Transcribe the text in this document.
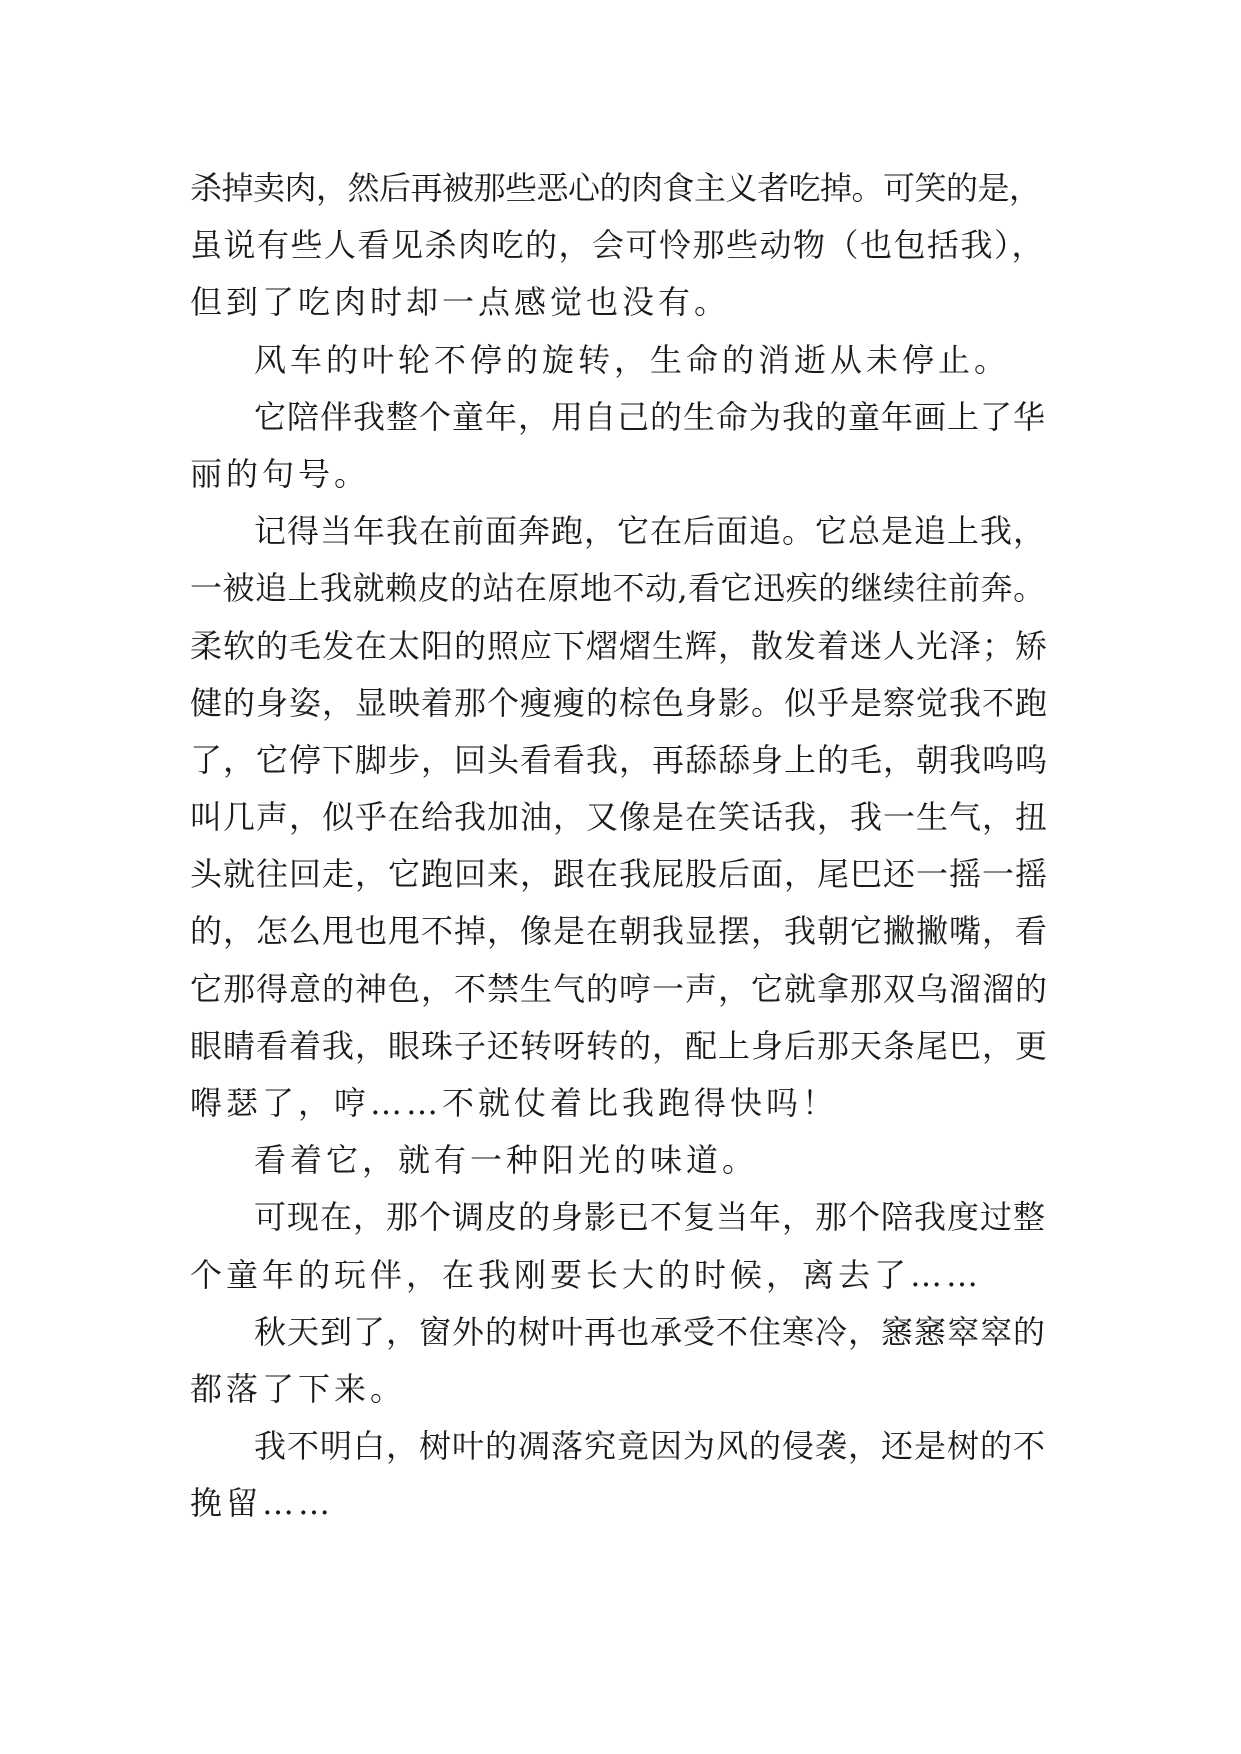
杀掉卖肉，然后再被那些恶心的肉食主义者吃掉。可笑的是，
虽说有些人看见杀肉吃的，会可怜那些动物（也包括我），
但到了吃肉时却一点感觉也没有。
风车的叶轮不停的旋转，生命的消逝从未停止。
它陪伴我整个童年，用自己的生命为我的童年画上了华
丽的句号。
记得当年我在前面奔跑，它在后面追。它总是追上我，
一被追上我就赖皮的站在原地不动,看它迅疾的继续往前奔。
柔软的毛发在太阳的照应下熠熠生辉，散发着迷人光泽；矫
健的身姿，显映着那个瘦瘦的棕色身影。似乎是察觉我不跑
了，它停下脚步，回头看看我，再舔舔身上的毛，朝我呜呜
叫几声，似乎在给我加油，又像是在笑话我，我一生气，扭
头就往回走，它跑回来，跟在我屁股后面，尾巴还一摇一摇
的，怎么甩也甩不掉，像是在朝我显摆，我朝它撇撇嘴，看
它那得意的神色，不禁生气的哼一声，它就拿那双乌溜溜的
眼睛看着我，眼珠子还转呀转的，配上身后那天条尾巴，更
嘚瑟了，哼……不就仗着比我跑得快吗！
看着它，就有一种阳光的味道。
可现在，那个调皮的身影已不复当年，那个陪我度过整
个童年的玩伴，在我刚要长大的时候，离去了……
秋天到了，窗外的树叶再也承受不住寒冷，窸窸窣窣的
都落了下来。
我不明白，树叶的凋落究竟因为风的侵袭，还是树的不
挽留……
